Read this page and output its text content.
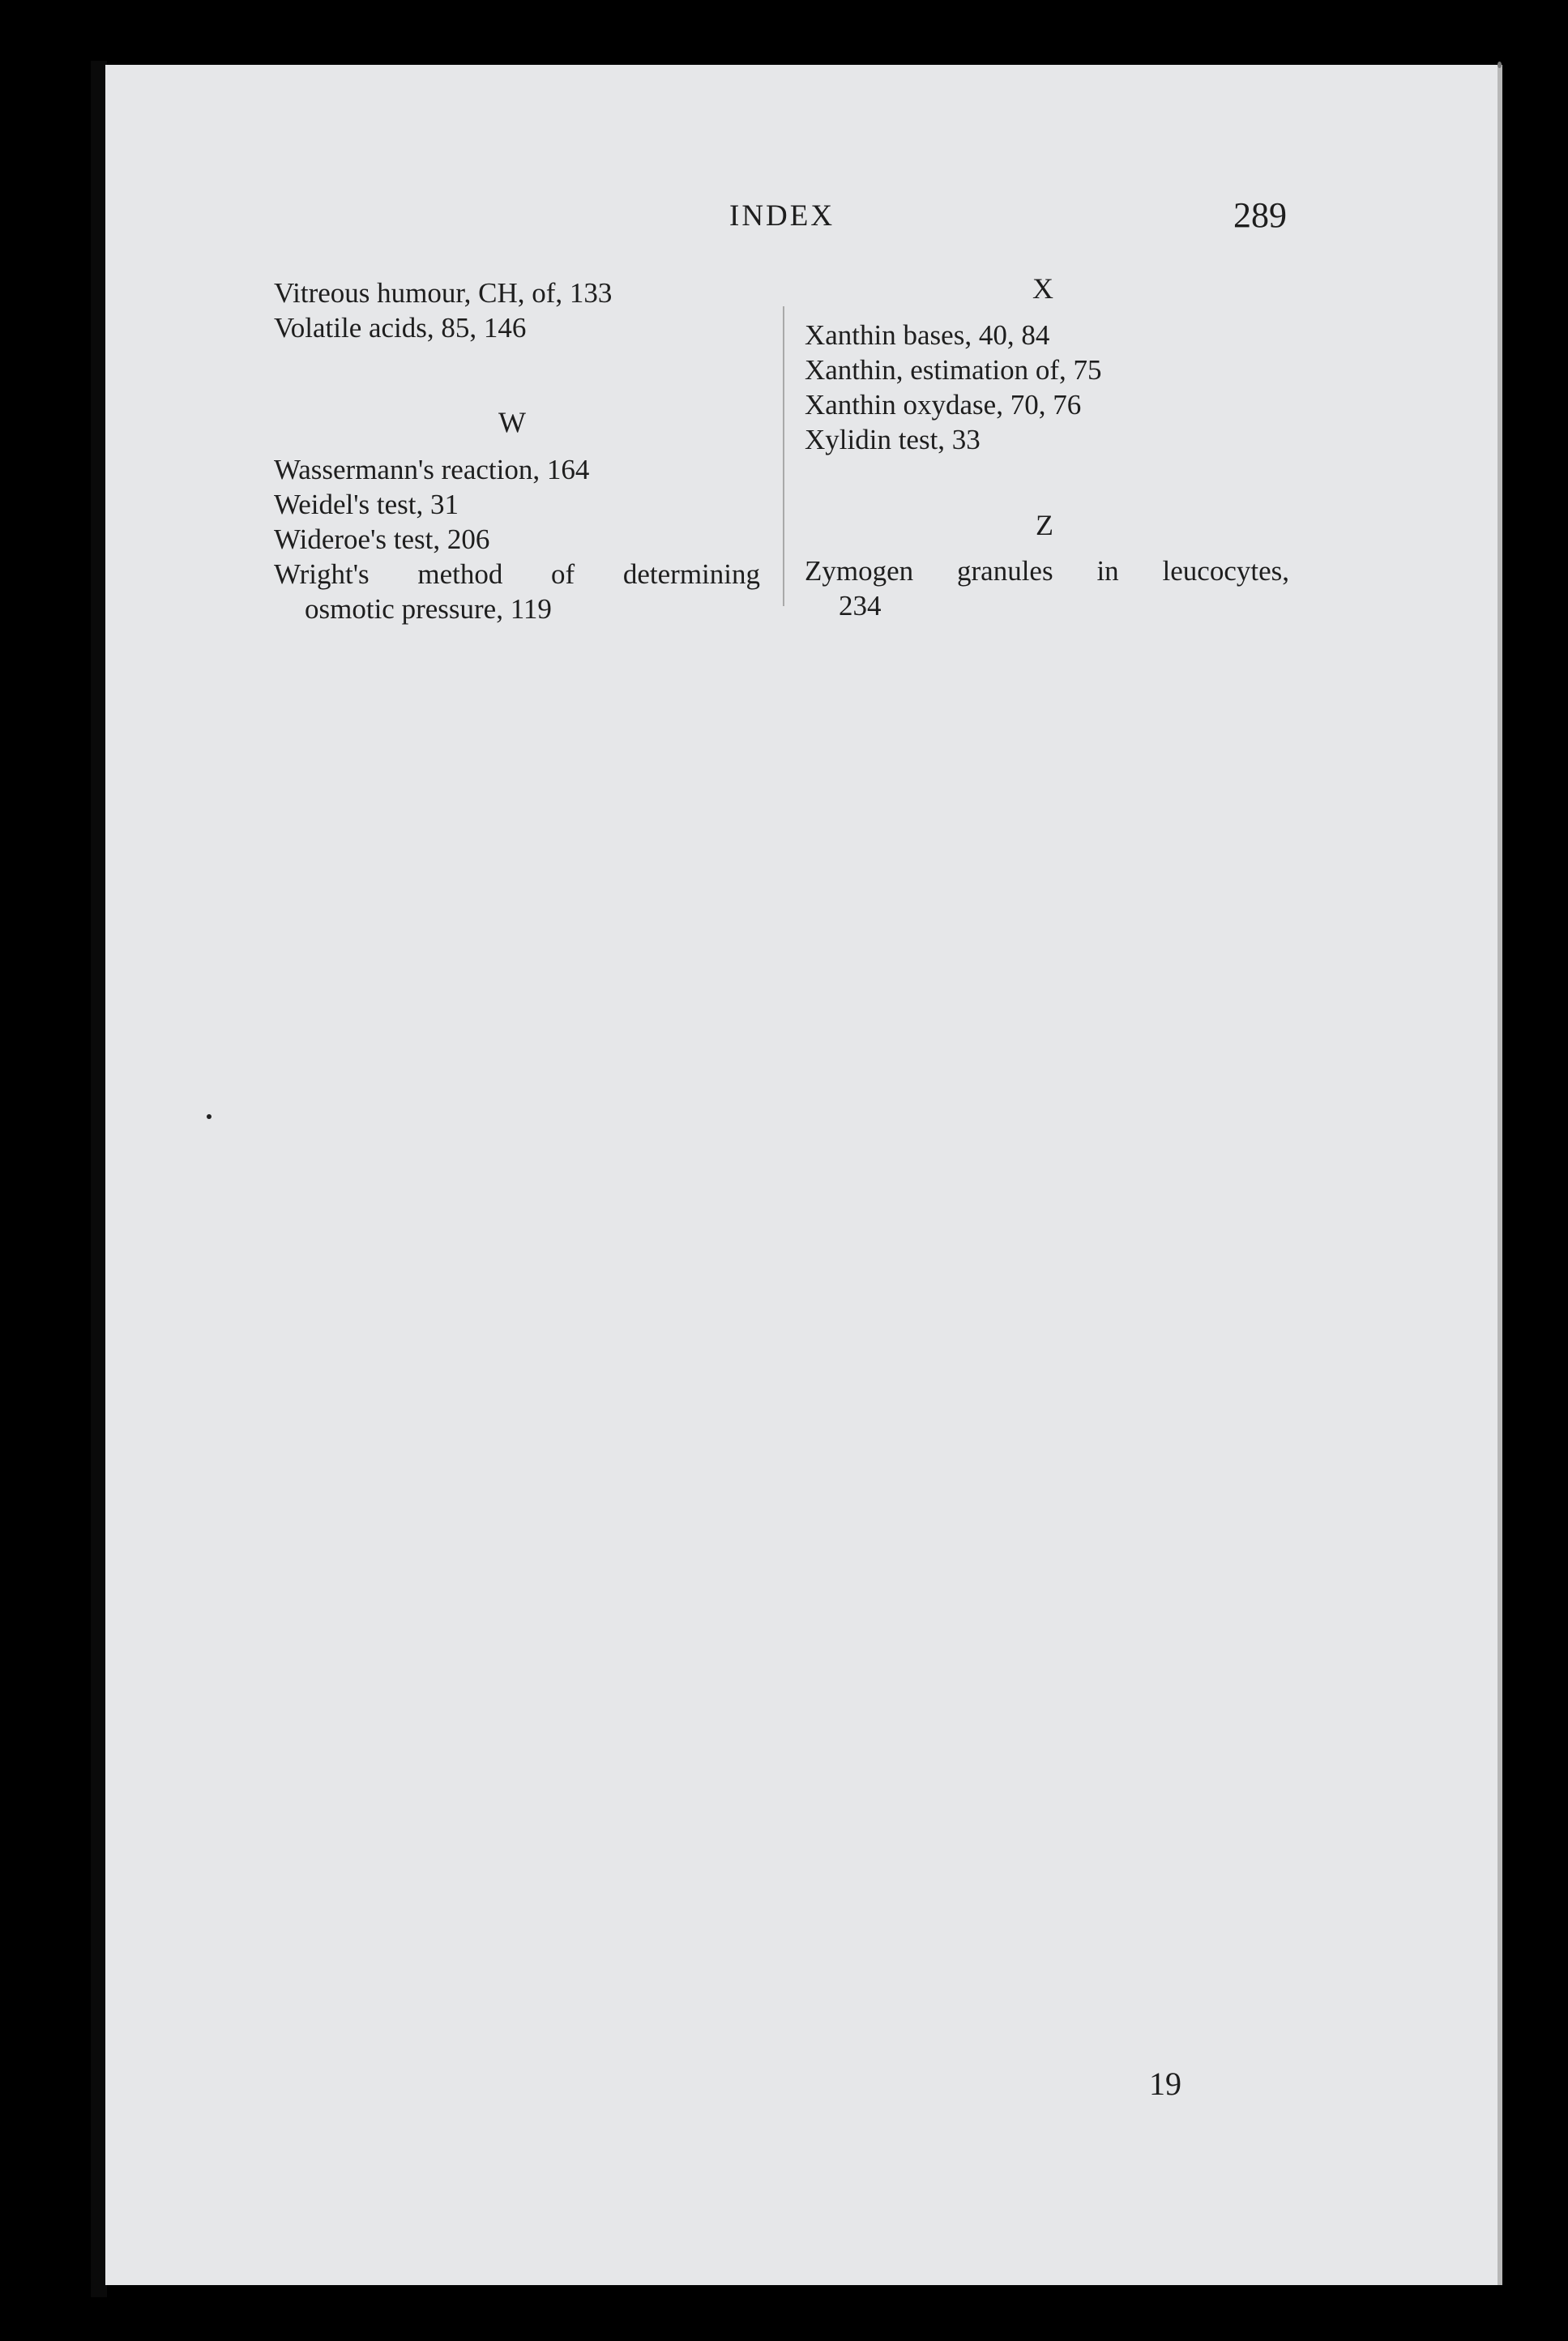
INDEX	289
Vitreous humour, CH, of, 133
Volatile acids, 85, 146
W
Wassermann's reaction, 164
Weidel's test, 31
Wideroe's test, 206
Wright's method of determining
osmotic pressure, 119
X
Xanthin bases, 40, 84
Xanthin, estimation of, 75
Xanthin oxydase, 70, 76
Xylidin test, 33
Z
Zymogen granules in leucocytes,
234
19
